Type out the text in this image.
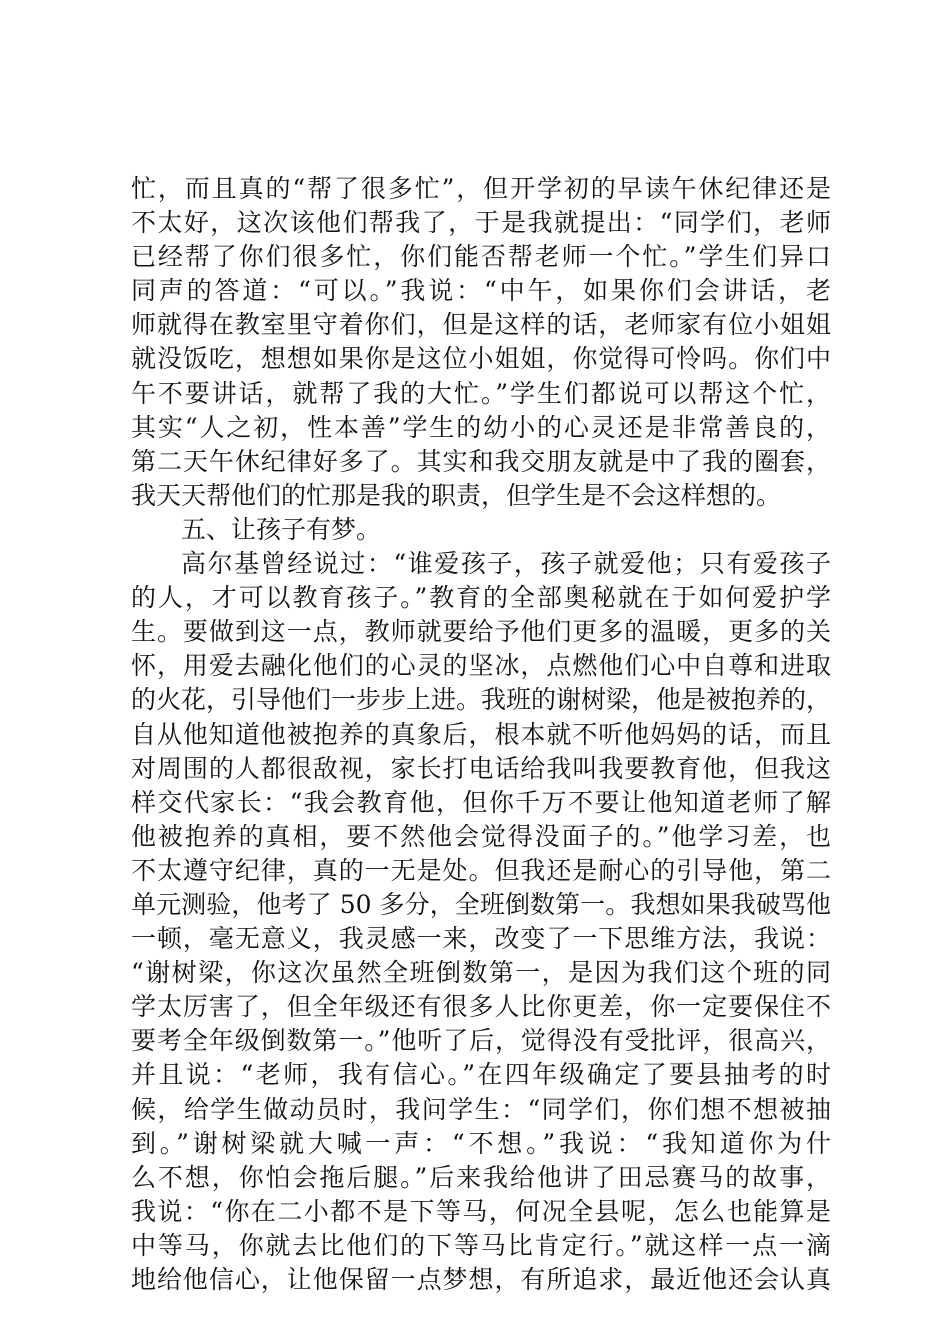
忙，而且真的“帮了很多忙”，但开学初的早读午休纪律还是
不太好，这次该他们帮我了，于是我就提出：“同学们，老师
已经帮了你们很多忙，你们能否帮老师一个忙。”学生们异口
同声的答道：“可以。”我说：“中午，如果你们会讲话，老
师就得在教室里守着你们，但是这样的话，老师家有位小姐姐
就没饭吃，想想如果你是这位小姐姐，你觉得可怜吗。你们中
午不要讲话，就帮了我的大忙。”学生们都说可以帮这个忙，
其实“人之初，性本善”学生的幼小的心灵还是非常善良的，
第二天午休纪律好多了。其实和我交朋友就是中了我的圈套，
我天天帮他们的忙那是我的职责，但学生是不会这样想的。
五、让孩子有梦。
高尔基曾经说过：“谁爱孩子，孩子就爱他；只有爱孩子
的人，才可以教育孩子。”教育的全部奥秘就在于如何爱护学
生。要做到这一点，教师就要给予他们更多的温暖，更多的关
怀，用爱去融化他们的心灵的坚冰，点燃他们心中自尊和进取
的火花，引导他们一步步上进。我班的谢树梁，他是被抱养的，
自从他知道他被抱养的真象后，根本就不听他妈妈的话，而且
对周围的人都很敌视，家长打电话给我叫我要教育他，但我这
样交代家长：“我会教育他，但你千万不要让他知道老师了解
他被抱养的真相，要不然他会觉得没面子的。”他学习差，也
不太遵守纪律，真的一无是处。但我还是耐心的引导他，第二
单元测验，他考了 50 多分，全班倒数第一。我想如果我破骂他
一顿，毫无意义，我灵感一来，改变了一下思维方法，我说：
“谢树梁，你这次虽然全班倒数第一，是因为我们这个班的同
学太厉害了，但全年级还有很多人比你更差，你一定要保住不
要考全年级倒数第一。”他听了后，觉得没有受批评，很高兴，
并且说：“老师，我有信心。”在四年级确定了要县抽考的时
候，给学生做动员时，我问学生：“同学们，你们想不想被抽
到。”谢树梁就大喊一声：“不想。”我说：“我知道你为什
么不想，你怕会拖后腿。”后来我给他讲了田忌赛马的故事，
我说：“你在二小都不是下等马，何况全县呢，怎么也能算是
中等马，你就去比他们的下等马比肯定行。”就这样一点一滴
地给他信心，让他保留一点梦想，有所追求，最近他还会认真
